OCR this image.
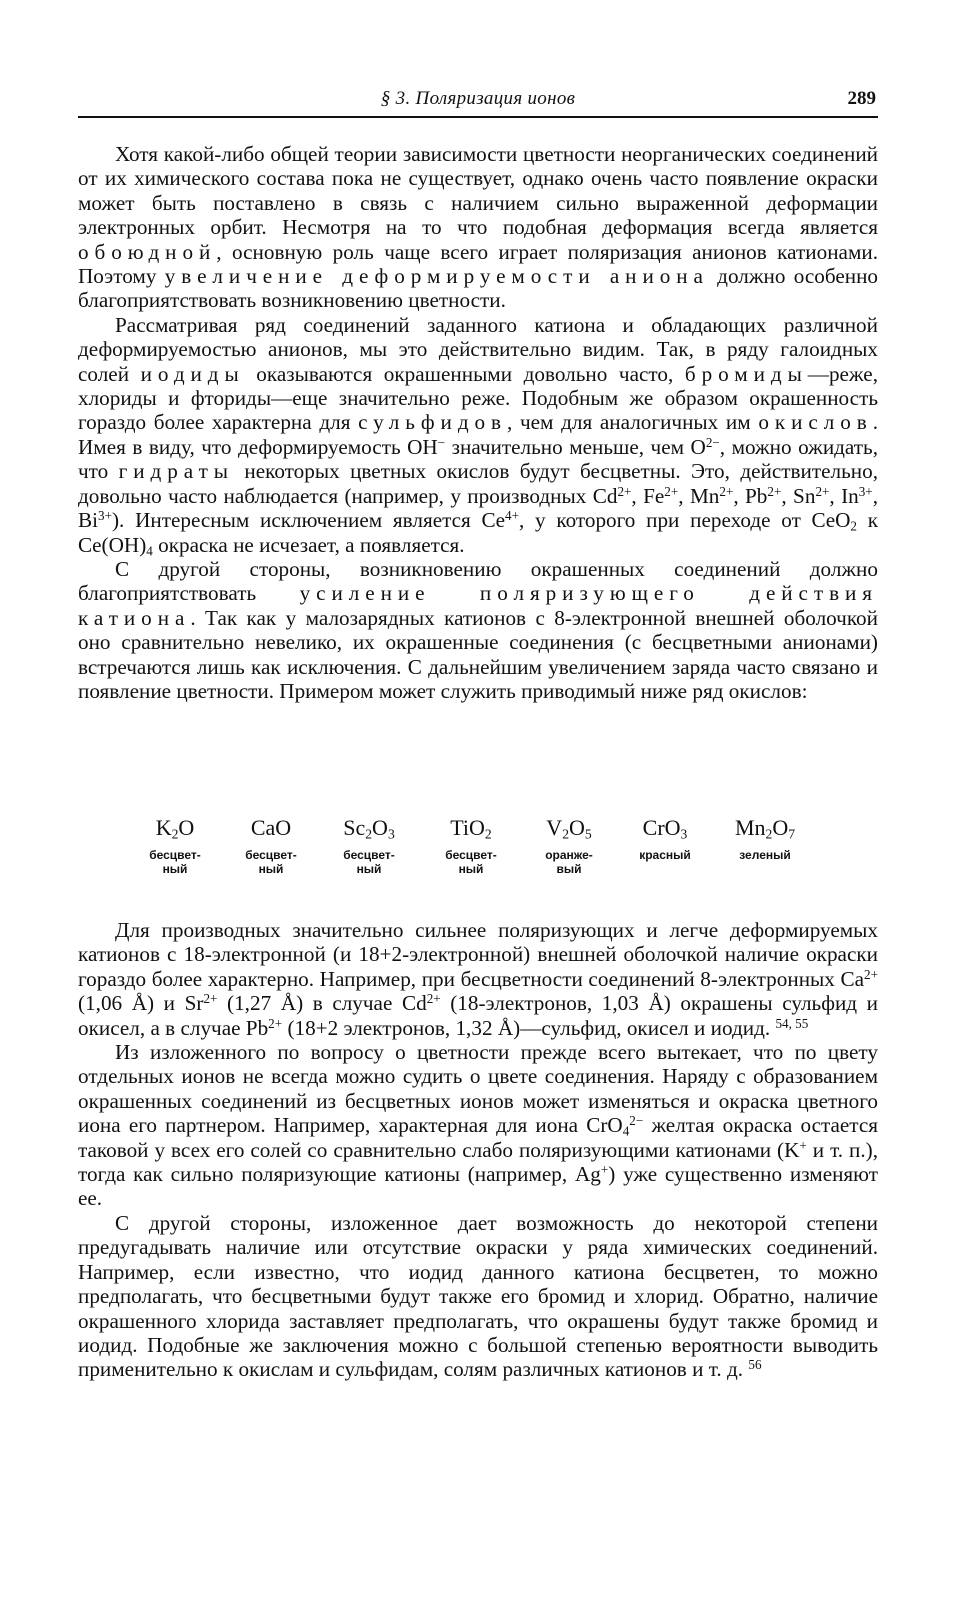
§ 3. Поляризация ионов	289

Хотя какой-либо общей теории зависимости цветности неорганических соединений от их химического состава пока не существует, однако очень часто появление окраски может быть поставлено в связь с наличием сильно выраженной деформации электронных орбит. Несмотря на то что подобная деформация всегда является обоюдной, основную роль чаще всего играет поляризация анионов катионами. Поэтому увеличение деформируемости аниона должно особенно благоприятствовать возникновению цветности.

Рассматривая ряд соединений заданного катиона и обладающих различной деформируемостью анионов, мы это действительно видим. Так, в ряду галоидных солей иодиды оказываются окрашенными довольно часто, бромиды—реже, хлориды и фториды—еще значительно реже. Подобным же образом окрашенность гораздо более характерна для сульфидов, чем для аналогичных им окислов. Имея в виду, что деформируемость OH− значительно меньше, чем $O^{2-}$, можно ожидать, что гидраты некоторых цветных окислов будут бесцветны. Это, действительно, довольно часто наблюдается (например, у производных $Cd^{2+}$, $Fe^{2+}$, $Mn^{2+}$, $Pb^{2+}$, $Sn^{2+}$, $In^{3+}$, $Bi^{3+}$). Интересным исключением является $Ce^{4+}$, у которого при переходе от CeO$_2$ к $Ce(OH)_4$ окраска не исчезает, а появляется.

С другой стороны, возникновению окрашенных соединений должно благоприятствовать усиление поляризующего действия катиона. Так как у малозарядных катионов с 8-электронной внешней оболочкой оно сравнительно невелико, их окрашенные соединения (с бесцветными анионами) встречаются лишь как исключения. С дальнейшим увеличением заряда часто связано и появление цветности. Примером может служить приводимый ниже ряд окислов:

$K_2O$
бесцвет-
ный
CaO
бесцвет-
ный
$Sc_2O_3$
бесцвет-
ный
TiO$_2$
бесцвет-
ный
$V_2O_5$
оранже-
вый
CrO$_3$
красный
$Mn_2O_7$
зеленый

Для производных значительно сильнее поляризующих и легче деформируемых катионов с 18-электронной (и 18+2-электронной) внешней оболочкой наличие окраски гораздо более характерно. Например, при бесцветности соединений 8-электронных $Ca^{2+}$ (1,06 Å) и $Sr^{2+}$ (1,27 Å) в случае $Cd^{2+}$ (18-электронов, 1,03 Å) окрашены сульфид и окисел, а в случае $Pb^{2+}$ (18+2 электронов, 1,32 Å)—сульфид, окисел и иодид. $^{54, 55}$

Из изложенного по вопросу о цветности прежде всего вытекает, что по цвету отдельных ионов не всегда можно судить о цвете соединения. Наряду с образованием окрашенных соединений из бесцветных ионов может изменяться и окраска цветного иона его партнером. Например, характерная для иона CrO$_4^{2-}$ желтая окраска остается таковой у всех его солей со сравнительно слабо поляризующими катионами (K+ и т. п.), тогда как сильно поляризующие катионы (например, Ag+) уже существенно изменяют ее.

С другой стороны, изложенное дает возможность до некоторой степени предугадывать наличие или отсутствие окраски у ряда химических соединений. Например, если известно, что иодид данного катиона бесцветен, то можно предполагать, что бесцветными будут также его бромид и хлорид. Обратно, наличие окрашенного хлорида заставляет предполагать, что окрашены будут также бромид и иодид. Подобные же заключения можно с большой степенью вероятности выводить применительно к окислам и сульфидам, солям различных катионов и т. д. $^{56}$
